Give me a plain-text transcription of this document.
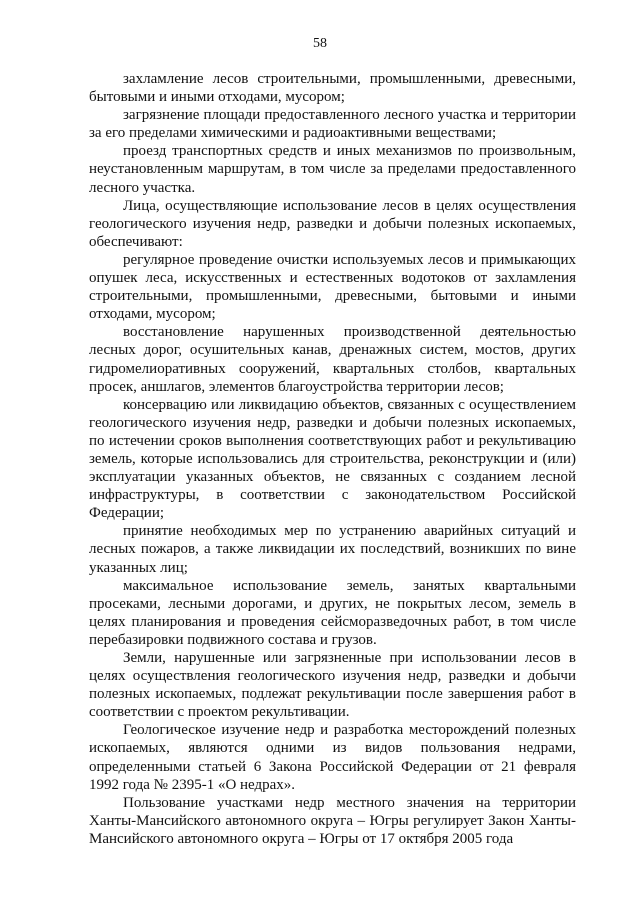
58

захламление лесов строительными, промышленными, древесными, бытовыми и иными отходами, мусором;

загрязнение площади предоставленного лесного участка и территории за его пределами химическими и радиоактивными веществами;

проезд транспортных средств и иных механизмов по произвольным, неустановленным маршрутам, в том числе за пределами предоставленного лесного участка.

Лица, осуществляющие использование лесов в целях осуществления геологического изучения недр, разведки и добычи полезных ископаемых, обеспечивают:

регулярное проведение очистки используемых лесов и примыкающих опушек леса, искусственных и естественных водотоков от захламления строительными, промышленными, древесными, бытовыми и иными отходами, мусором;

восстановление нарушенных производственной деятельностью лесных дорог, осушительных канав, дренажных систем, мостов, других гидромелиоративных сооружений, квартальных столбов, квартальных просек, аншлагов, элементов благоустройства территории лесов;

консервацию или ликвидацию объектов, связанных с осуществлением геологического изучения недр, разведки и добычи полезных ископаемых, по истечении сроков выполнения соответствующих работ и рекультивацию земель, которые использовались для строительства, реконструкции и (или) эксплуатации указанных объектов, не связанных с созданием лесной инфраструктуры, в соответствии с законодательством Российской Федерации;

принятие необходимых мер по устранению аварийных ситуаций и лесных пожаров, а также ликвидации их последствий, возникших по вине указанных лиц;

максимальное использование земель, занятых квартальными просеками, лесными дорогами, и других, не покрытых лесом, земель в целях планирования и проведения сейсморазведочных работ, в том числе перебазировки подвижного состава и грузов.

Земли, нарушенные или загрязненные при использовании лесов в целях осуществления геологического изучения недр, разведки и добычи полезных ископаемых, подлежат рекультивации после завершения работ в соответствии с проектом рекультивации.

Геологическое изучение недр и разработка месторождений полезных ископаемых, являются одними из видов пользования недрами, определенными статьей 6 Закона Российской Федерации от 21 февраля 1992 года № 2395-1 «О недрах».

Пользование участками недр местного значения на территории Ханты-Мансийского автономного округа – Югры регулирует Закон Ханты-Мансийского автономного округа – Югры от 17 октября 2005 года
